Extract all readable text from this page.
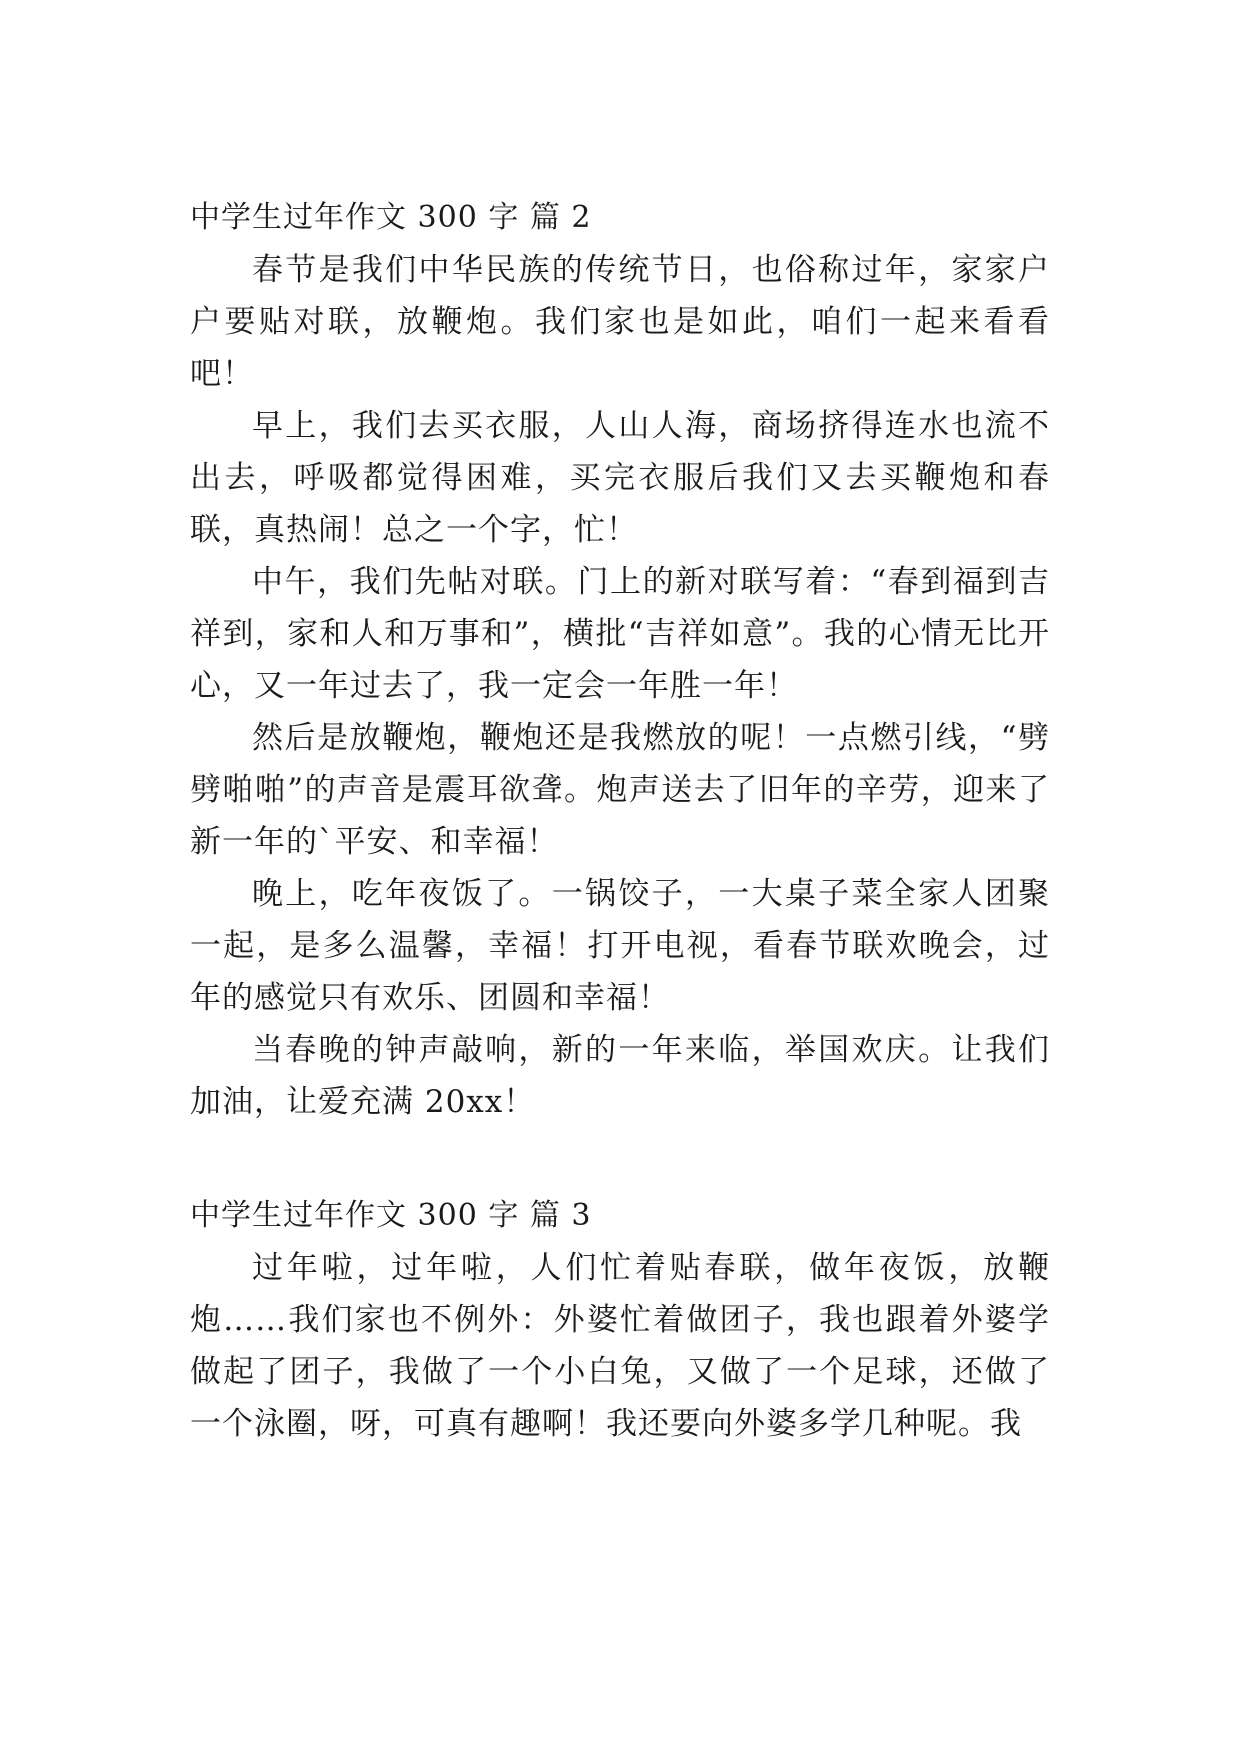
中学生过年作文 300 字 篇 2

春节是我们中华民族的传统节日，也俗称过年，家家户户要贴对联，放鞭炮。我们家也是如此，咱们一起来看看吧！

早上，我们去买衣服，人山人海，商场挤得连水也流不出去，呼吸都觉得困难，买完衣服后我们又去买鞭炮和春联，真热闹！总之一个字，忙！

中午，我们先帖对联。门上的新对联写着：“春到福到吉祥到，家和人和万事和”，横批“吉祥如意”。我的心情无比开心，又一年过去了，我一定会一年胜一年！

然后是放鞭炮，鞭炮还是我燃放的呢！一点燃引线，“劈劈啪啪”的声音是震耳欲聋。炮声送去了旧年的辛劳，迎来了新一年的`平安、和幸福！

晚上，吃年夜饭了。一锅饺子，一大桌子菜全家人团聚一起，是多么温馨，幸福！打开电视，看春节联欢晚会，过年的感觉只有欢乐、团圆和幸福！

当春晚的钟声敲响，新的一年来临，举国欢庆。让我们加油，让爱充满 20xx！

中学生过年作文 300 字 篇 3

过年啦，过年啦，人们忙着贴春联，做年夜饭，放鞭炮……我们家也不例外：外婆忙着做团子，我也跟着外婆学做起了团子，我做了一个小白兔，又做了一个足球，还做了一个泳圈，呀，可真有趣啊！我还要向外婆多学几种呢。我
